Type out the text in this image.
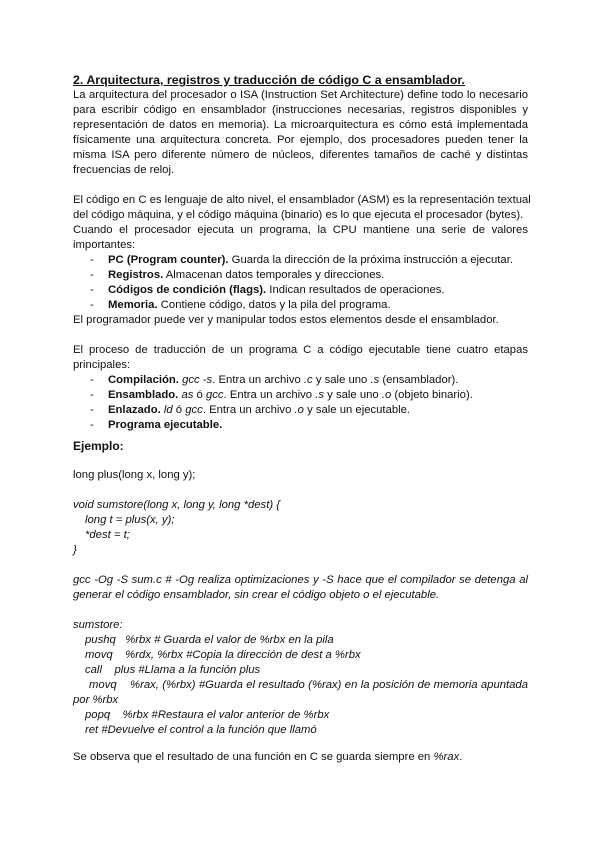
2. Arquitectura, registros y traducción de código C a ensamblador.
La arquitectura del procesador o ISA (Instruction Set Architecture) define todo lo necesario
para escribir código en ensamblador (instrucciones necesarias, registros disponibles y
representación de datos en memoria). La microarquitectura es cómo está implementada
físicamente una arquitectura concreta. Por ejemplo, dos procesadores pueden tener la
misma ISA pero diferente número de núcleos, diferentes tamaños de caché y distintas
frecuencias de reloj.
El código en C es lenguaje de alto nivel, el ensamblador (ASM) es la representación textual
del código máquina, y el código máquina (binario) es lo que ejecuta el procesador (bytes).
Cuando el procesador ejecuta un programa, la CPU mantiene una serie de valores
importantes:
- PC (Program counter). Guarda la dirección de la próxima instrucción a ejecutar.
- Registros. Almacenan datos temporales y direcciones.
- Códigos de condición (flags). Indican resultados de operaciones.
- Memoria. Contiene código, datos y la pila del programa.
El programador puede ver y manipular todos estos elementos desde el ensamblador.
El proceso de traducción de un programa C a código ejecutable tiene cuatro etapas
principales:
- Compilación. gcc -s. Entra un archivo .c y sale uno .s (ensamblador).
- Ensamblado. as ó gcc. Entra un archivo .s y sale uno .o (objeto binario).
- Enlazado. ld ó gcc. Entra un archivo .o y sale un ejecutable.
- Programa ejecutable.
Ejemplo:
long plus(long x, long y);
void sumstore(long x, long y, long *dest) {
long t = plus(x, y);
*dest = t;
}
gcc -Og -S sum.c # -Og realiza optimizaciones y -S hace que el compilador se detenga al
generar el código ensamblador, sin crear el código objeto o el ejecutable.
sumstore:
pushq   %rbx # Guarda el valor de %rbx en la pila
movq    %rdx, %rbx #Copia la dirección de dest a %rbx
call    plus #Llama a la función plus
movq    %rax, (%rbx) #Guarda el resultado (%rax) en la posición de memoria apuntada
por %rbx
popq    %rbx #Restaura el valor anterior de %rbx
ret #Devuelve el control a la función que llamó
Se observa que el resultado de una función en C se guarda siempre en %rax.
